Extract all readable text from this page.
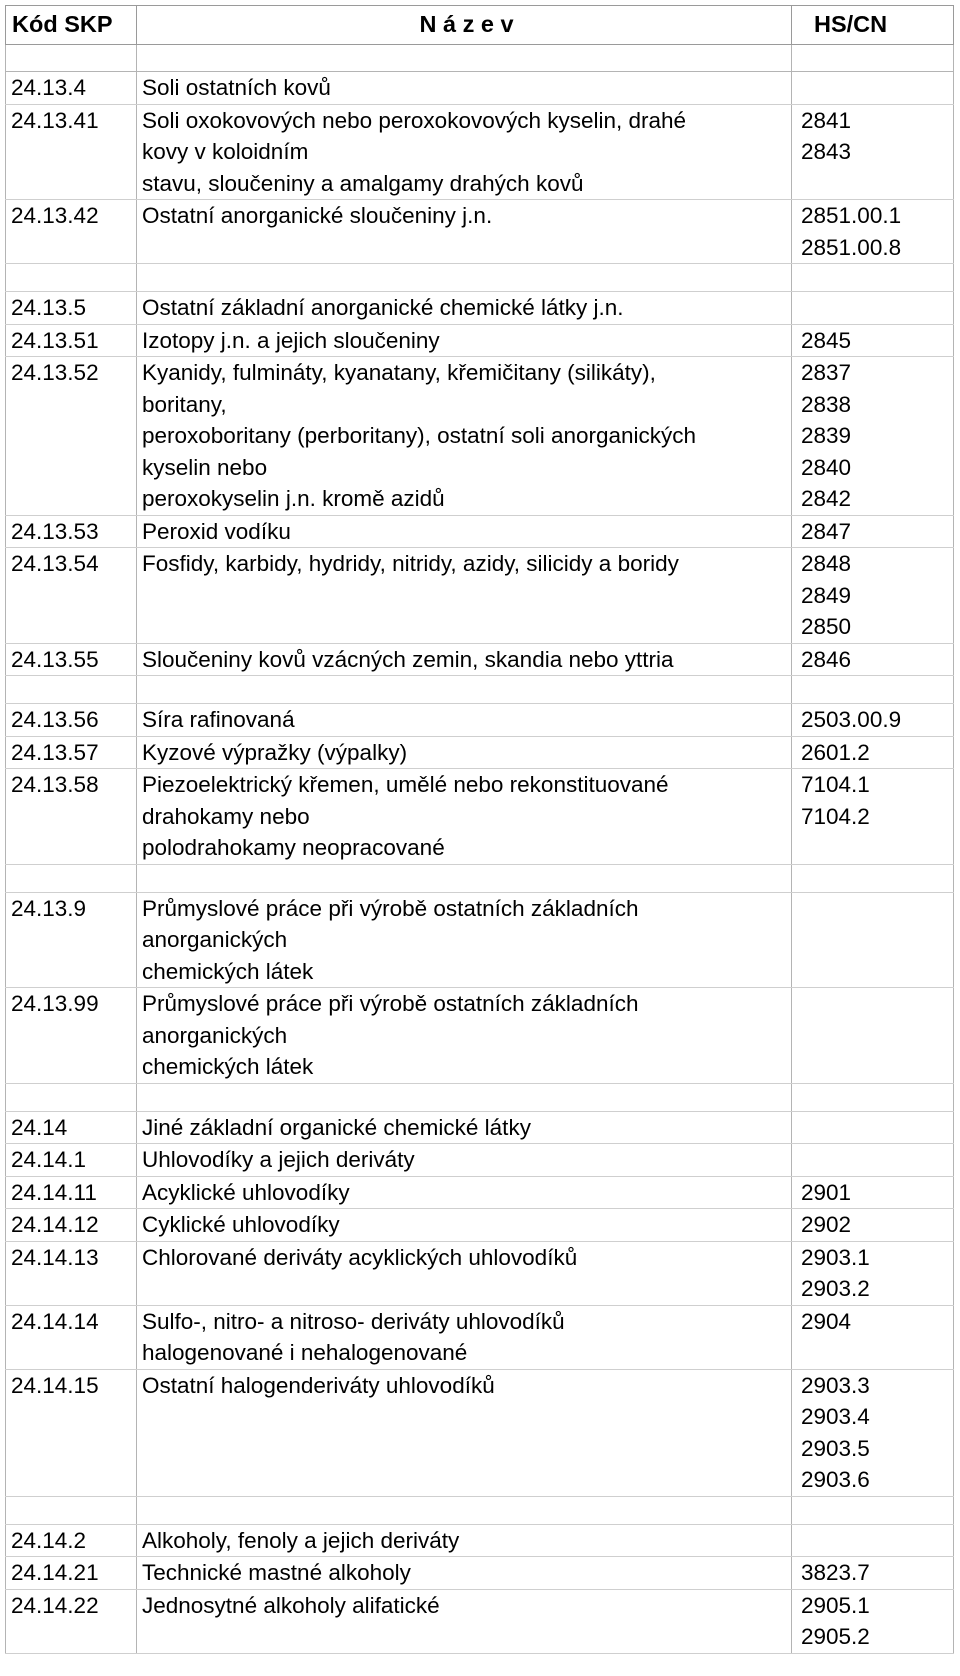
Kód SKP	N á z e v	HS/CN

24.13.4	Soli ostatních kovů	

24.13.41	Soli oxokovových nebo peroxokovových kyselin, drahé
kovy v koloidním
stavu, sloučeniny a amalgamy drahých kovů	2841
2843

24.13.42	Ostatní anorganické sloučeniny j.n.	2851.00.1
2851.00.8

24.13.5	Ostatní základní anorganické chemické látky j.n.	

24.13.51	Izotopy j.n. a jejich sloučeniny	2845

24.13.52	Kyanidy, fulmináty, kyanatany, křemičitany (silikáty),
boritany,
peroxoboritany (perboritany), ostatní soli anorganických
kyselin nebo
peroxokyselin j.n. kromě azidů	2837
2838
2839
2840
2842

24.13.53	Peroxid vodíku	2847

24.13.54	Fosfidy, karbidy, hydridy, nitridy, azidy, silicidy a boridy	2848
2849
2850

24.13.55	Sloučeniny kovů vzácných zemin, skandia nebo yttria	2846

24.13.56	Síra rafinovaná	2503.00.9

24.13.57	Kyzové výpražky (výpalky)	2601.2

24.13.58	Piezoelektrický křemen, umělé nebo rekonstituované
drahokamy nebo
polodrahokamy neopracované	7104.1
7104.2

24.13.9	Průmyslové práce při výrobě ostatních základních
anorganických
chemických látek	

24.13.99	Průmyslové práce při výrobě ostatních základních
anorganických
chemických látek	

24.14	Jiné základní organické chemické látky	

24.14.1	Uhlovodíky a jejich deriváty	

24.14.11	Acyklické uhlovodíky	2901

24.14.12	Cyklické uhlovodíky	2902

24.14.13	Chlorované deriváty acyklických uhlovodíků	2903.1
2903.2

24.14.14	Sulfo-, nitro- a nitroso- deriváty uhlovodíků
halogenované i nehalogenované	2904

24.14.15	Ostatní halogenderiváty uhlovodíků	2903.3
2903.4
2903.5
2903.6

24.14.2	Alkoholy, fenoly a jejich deriváty	

24.14.21	Technické mastné alkoholy	3823.7

24.14.22	Jednosytné alkoholy alifatické	2905.1
2905.2
